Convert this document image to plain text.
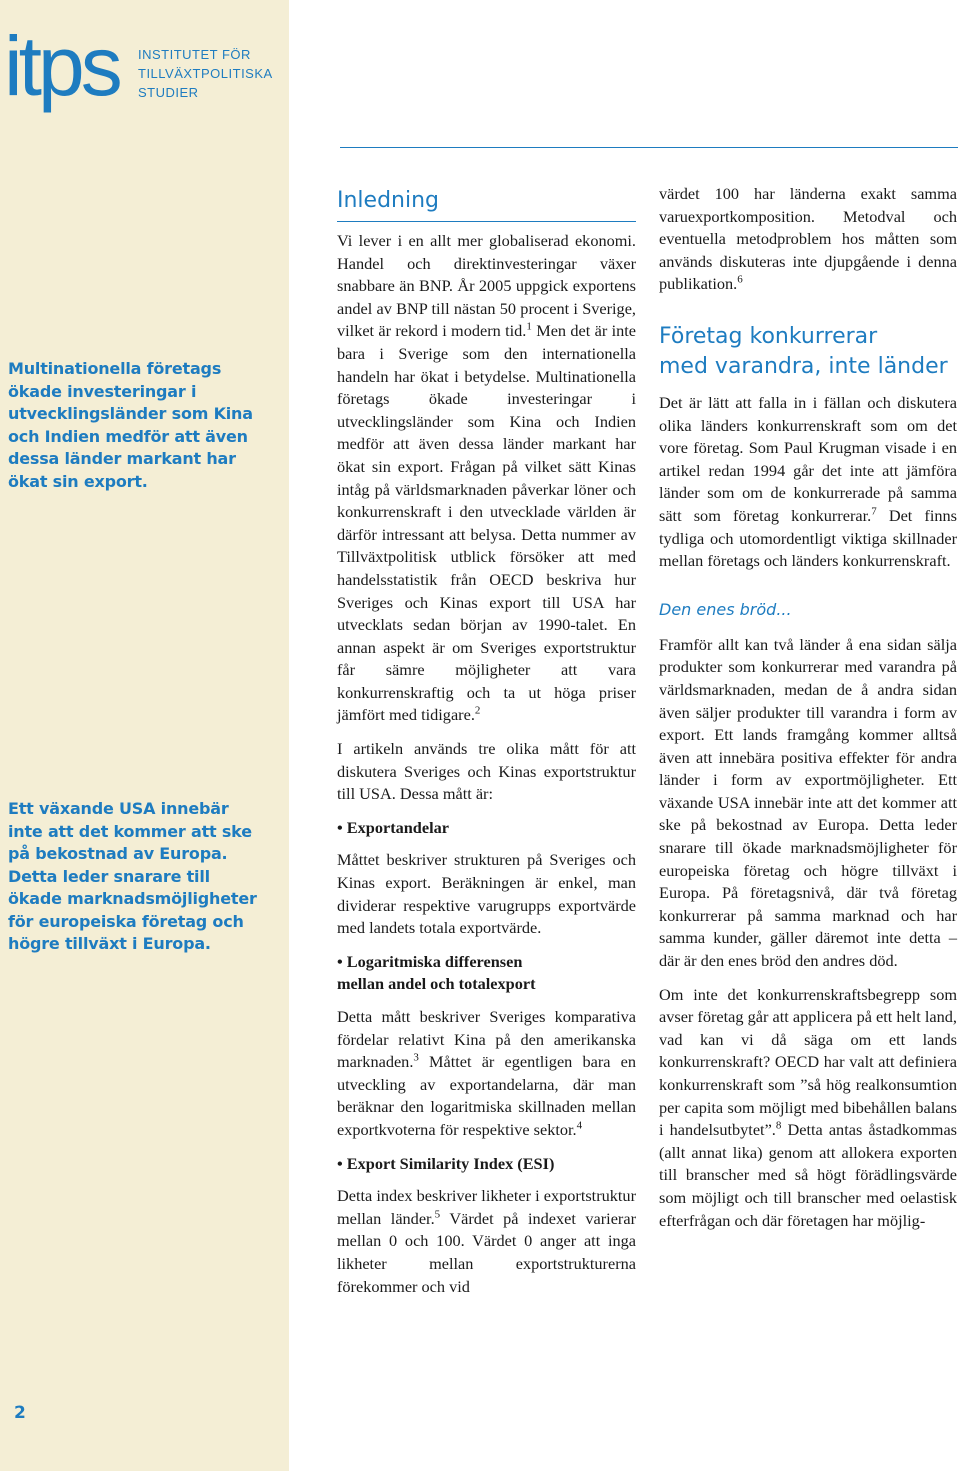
itps INSTITUTET FÖR
TILLVÄXTPOLITISKA
STUDIER
Multinationella företags ökade investeringar i utvecklingsländer som Kina och Indien medför att även dessa länder markant har ökat sin export.
Ett växande USA innebär inte att det kommer att ske på bekostnad av Europa. Detta leder snarare till ökade marknadsmöjligheter för europeiska företag och högre tillväxt i Europa.
2
Inledning

Vi lever i en allt mer globaliserad ekonomi. Handel och direktinvesteringar växer snabbare än BNP. År 2005 uppgick exportens andel av BNP till nästan 50 procent i Sverige, vilket är rekord i modern tid.$^1$ Men det är inte bara i Sverige som den internationella handeln har ökat i betydelse. Multinationella företags ökade investeringar i utvecklingsländer som Kina och Indien medför att även dessa länder markant har ökat sin export. Frågan på vilket sätt Kinas intåg på världsmarknaden påverkar löner och konkurrenskraft i den utvecklade världen är därför intressant att belysa. Detta nummer av Tillväxtpolitisk utblick försöker att med handelsstatistik från OECD beskriva hur Sveriges och Kinas export till USA har utvecklats sedan början av 1990-talet. En annan aspekt är om Sveriges exportstruktur får sämre möjligheter att vara konkurrenskraftig och ta ut höga priser jämfört med tidigare.$^2$

I artikeln används tre olika mått för att diskutera Sveriges och Kinas exportstruktur till USA. Dessa mått är:

• Exportandelar

Måttet beskriver strukturen på Sveriges och Kinas export. Beräkningen är enkel, man dividerar respektive varugrupps exportvärde med landets totala exportvärde.

• Logaritmiska differensen
mellan andel och totalexport

Detta mått beskriver Sveriges komparativa fördelar relativt Kina på den amerikanska marknaden.$^3$ Måttet är egentligen bara en utveckling av exportandelarna, där man beräknar den logaritmiska skillnaden mellan exportkvoterna för respektive sektor.$^4$

• Export Similarity Index (ESI)

Detta index beskriver likheter i exportstruktur mellan länder.$^5$ Värdet på indexet varierar mellan 0 och 100. Värdet 0 anger att inga likheter mellan exportstrukturerna förekommer och vid

värdet 100 har länderna exakt samma varuexportkomposition. Metodval och eventuella metodproblem hos måtten som används diskuteras inte djupgående i denna publikation.$^6$

Företag konkurrerar
med varandra, inte länder

Det är lätt att falla in i fällan och diskutera olika länders konkurrenskraft som om det vore företag. Som Paul Krugman visade i en artikel redan 1994 går det inte att jämföra länder som om de konkurrerade på samma sätt som företag konkurrerar.$^7$ Det finns tydliga och utomordentligt viktiga skillnader mellan företags och länders konkurrenskraft.

Den enes bröd...

Framför allt kan två länder å ena sidan sälja produkter som konkurrerar med varandra på världsmarknaden, medan de å andra sidan även säljer produkter till varandra i form av export. Ett lands framgång kommer alltså även att innebära positiva effekter för andra länder i form av exportmöjligheter. Ett växande USA innebär inte att det kommer att ske på bekostnad av Europa. Detta leder snarare till ökade marknadsmöjligheter för europeiska företag och högre tillväxt i Europa. På företagsnivå, där två företag konkurrerar på samma marknad och har samma kunder, gäller däremot inte detta – där är den enes bröd den andres död.

Om inte det konkurrenskraftsbegrepp som avser företag går att applicera på ett helt land, vad kan vi då säga om ett lands konkurrenskraft? OECD har valt att definiera konkurrenskraft som ”så hög realkonsumtion per capita som möjligt med bibehållen balans i handelsutbytet”.$^8$ Detta antas åstadkommas (allt annat lika) genom att allokera exporten till branscher med så högt förädlingsvärde som möjligt och till branscher med oelastisk efterfrågan och där företagen har möjlig-
